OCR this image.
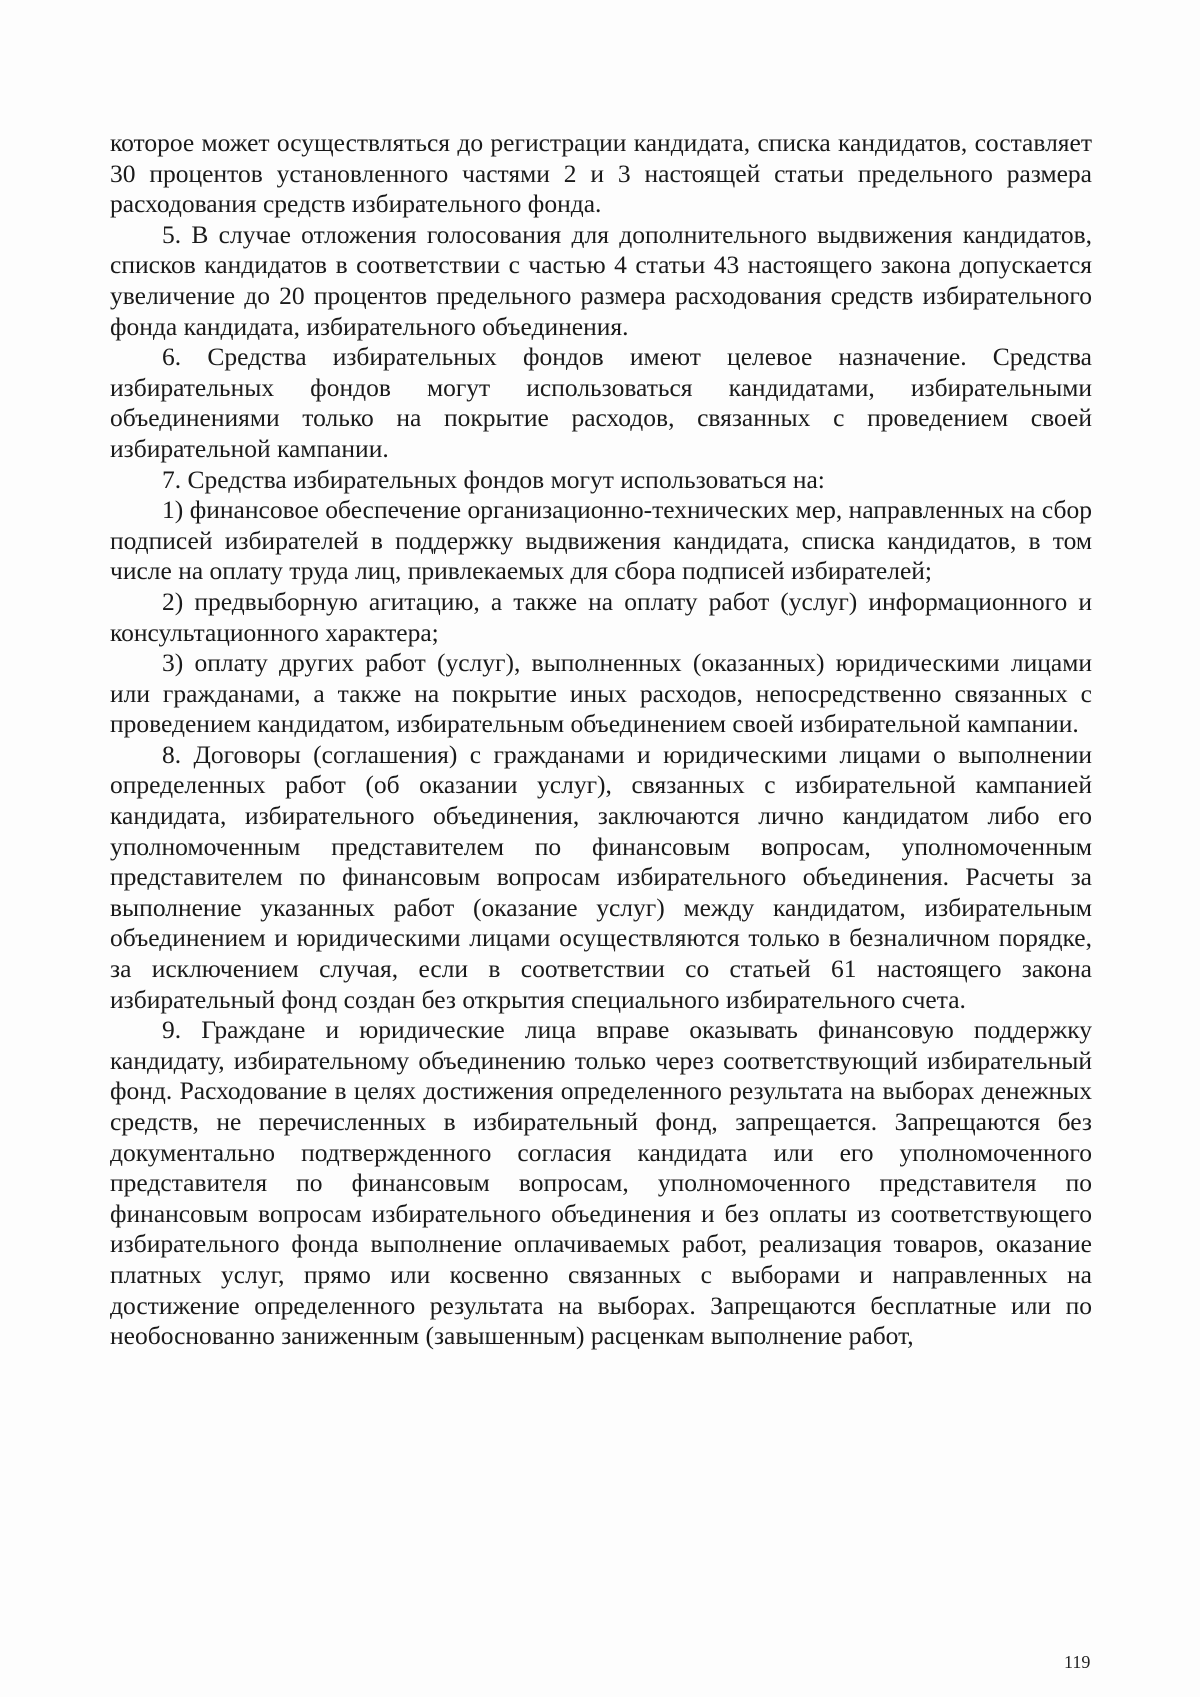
которое может осуществляться до регистрации кандидата, списка кандидатов, составляет 30 процентов установленного частями 2 и 3 настоящей статьи предельного размера расходования средств избирательного фонда.

5. В случае отложения голосования для дополнительного выдвижения кандидатов, списков кандидатов в соответствии с частью 4 статьи 43 настоящего закона допускается увеличение до 20 процентов предельного размера расходования средств избирательного фонда кандидата, избирательного объединения.

6. Средства избирательных фондов имеют целевое назначение. Средства избирательных фондов могут использоваться кандидатами, избирательными объединениями только на покрытие расходов, связанных с проведением своей избирательной кампании.

7. Средства избирательных фондов могут использоваться на:

1) финансовое обеспечение организационно-технических мер, направленных на сбор подписей избирателей в поддержку выдвижения кандидата, списка кандидатов, в том числе на оплату труда лиц, привлекаемых для сбора подписей избирателей;

2) предвыборную агитацию, а также на оплату работ (услуг) информационного и консультационного характера;

3) оплату других работ (услуг), выполненных (оказанных) юридическими лицами или гражданами, а также на покрытие иных расходов, непосредственно связанных с проведением кандидатом, избирательным объединением своей избирательной кампании.

8. Договоры (соглашения) с гражданами и юридическими лицами о выполнении определенных работ (об оказании услуг), связанных с избирательной кампанией кандидата, избирательного объединения, заключаются лично кандидатом либо его уполномоченным представителем по финансовым вопросам, уполномоченным представителем по финансовым вопросам избирательного объединения. Расчеты за выполнение указанных работ (оказание услуг) между кандидатом, избирательным объединением и юридическими лицами осуществляются только в безналичном порядке, за исключением случая, если в соответствии со статьей 61 настоящего закона избирательный фонд создан без открытия специального избирательного счета.

9. Граждане и юридические лица вправе оказывать финансовую поддержку кандидату, избирательному объединению только через соответствующий избирательный фонд. Расходование в целях достижения определенного результата на выборах денежных средств, не перечисленных в избирательный фонд, запрещается. Запрещаются без документально подтвержденного согласия кандидата или его уполномоченного представителя по финансовым вопросам, уполномоченного представителя по финансовым вопросам избирательного объединения и без оплаты из соответствующего избирательного фонда выполнение оплачиваемых работ, реализация товаров, оказание платных услуг, прямо или косвенно связанных с выборами и направленных на достижение определенного результата на выборах. Запрещаются бесплатные или по необоснованно заниженным (завышенным) расценкам выполнение работ,

119
